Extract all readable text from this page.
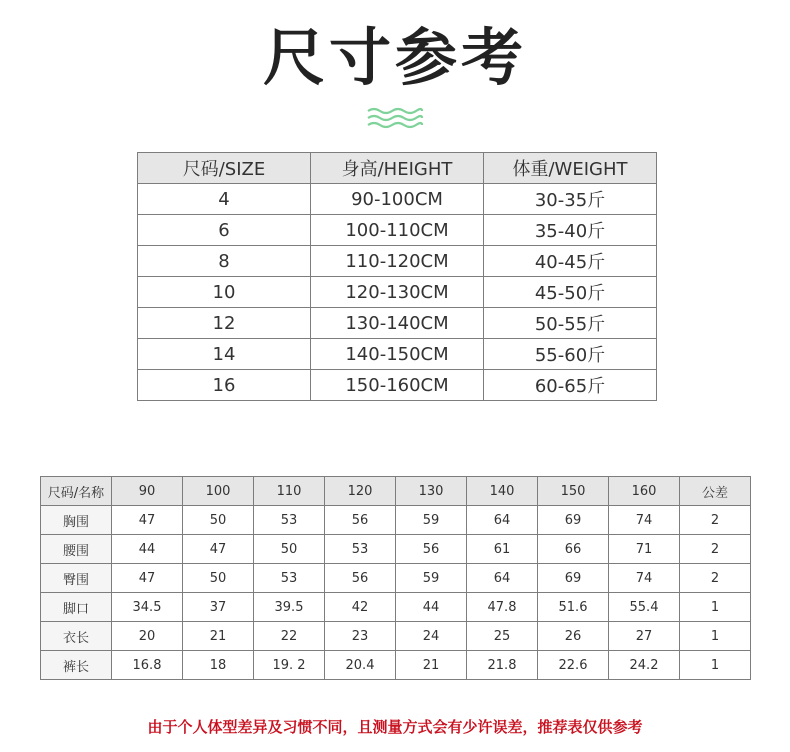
尺寸参考
尺码/SIZE	身高/HEIGHT	体重/WEIGHT
4	90-100CM	30-35斤
6	100-110CM	35-40斤
8	110-120CM	40-45斤
10	120-130CM	45-50斤
12	130-140CM	50-55斤
14	140-150CM	55-60斤
16	150-160CM	60-65斤
尺码/名称	90	100	110	120	130	140	150	160	公差
胸围	47	50	53	56	59	64	69	74	2
腰围	44	47	50	53	56	61	66	71	2
臀围	47	50	53	56	59	64	69	74	2
脚口	34.5	37	39.5	42	44	47.8	51.6	55.4	1
衣长	20	21	22	23	24	25	26	27	1
裤长	16.8	18	19. 2	20.4	21	21.8	22.6	24.2	1
由于个人体型差异及习惯不同，且测量方式会有少许误差，推荐表仅供参考
